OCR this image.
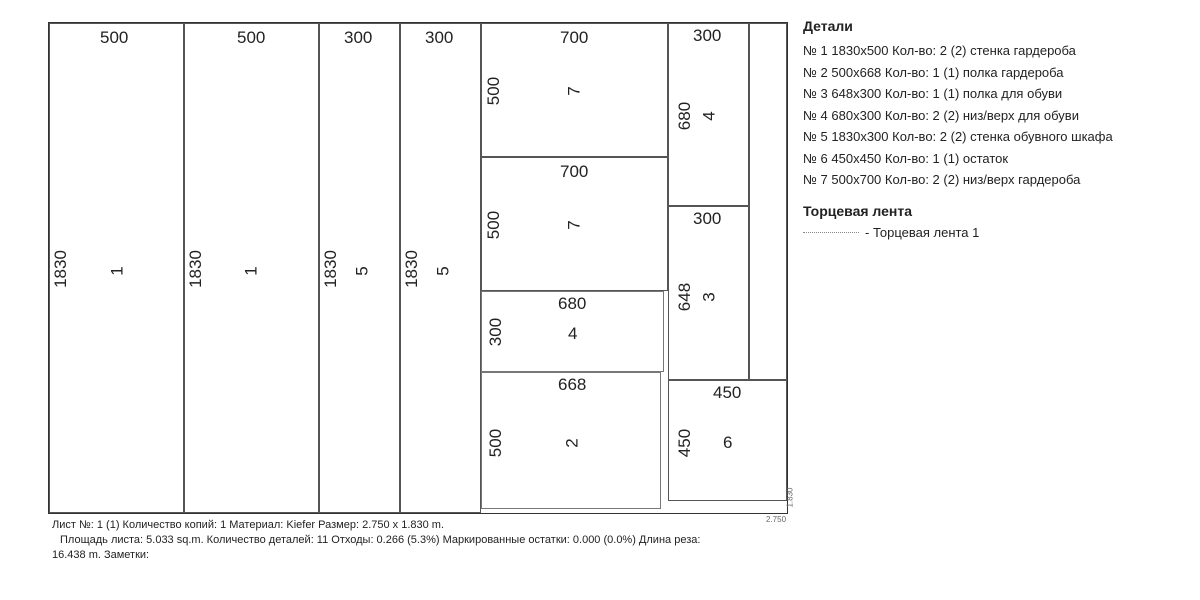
500
1830 1
500
1830 1
300
1830 5
300
1830 5
700
500	7
700
500	7
680
300	4
668
500	2
300
680 4
300
648 3
450
450 6
2.750
1.830
Детали
№ 1 1830x500 Кол-во: 2 (2) стенка гардероба
№ 2 500x668 Кол-во: 1 (1) полка гардероба
№ 3 648x300 Кол-во: 1 (1) полка для обуви
№ 4 680x300 Кол-во: 2 (2) низ/верх для обуви
№ 5 1830x300 Кол-во: 2 (2) стенка обувного шкафа
№ 6 450x450 Кол-во: 1 (1) остаток
№ 7 500x700 Кол-во: 2 (2) низ/верх гардероба
Торцевая лента
- Торцевая лента 1
Лист №: 1 (1) Количество копий: 1 Материал: Kiefer Размер: 2.750 x 1.830 m.
Площадь листа: 5.033 sq.m. Количество деталей: 11 Отходы: 0.266 (5.3%) Маркированные остатки: 0.000 (0.0%) Длина реза:
16.438 m. Заметки:
